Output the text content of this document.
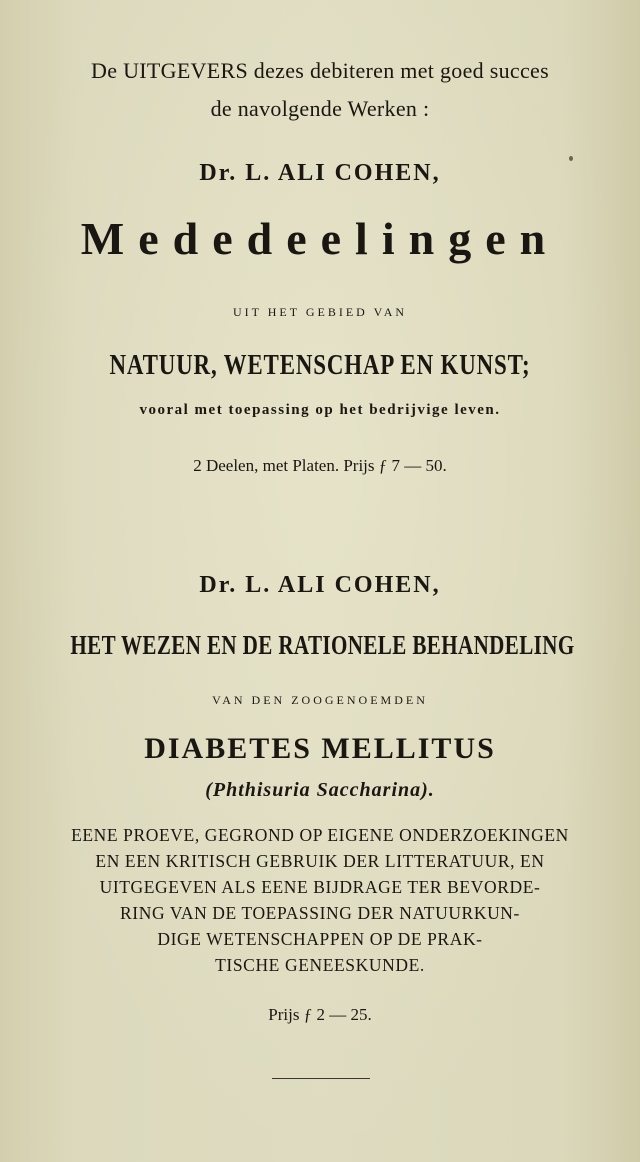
De UITGEVERS dezes debiteren met goed succes
de navolgende Werken :
Dr. L. ALI COHEN,
Mededeelingen
UIT HET GEBIED VAN
NATUUR, WETENSCHAP EN KUNST;
vooral met toepassing op het bedrijvige leven.
2 Deelen, met Platen. Prijs ƒ 7 — 50.
Dr. L. ALI COHEN,
HET WEZEN EN DE RATIONELE BEHANDELING
VAN DEN ZOOGENOEMDEN
DIABETES MELLITUS
(Phthisuria Saccharina).
EENE PROEVE, GEGROND OP EIGENE ONDERZOEKINGEN
EN EEN KRITISCH GEBRUIK DER LITTERATUUR, EN
UITGEGEVEN ALS EENE BIJDRAGE TER BEVORDE-
RING VAN DE TOEPASSING DER NATUURKUN-
DIGE WETENSCHAPPEN OP DE PRAK-
TISCHE GENEESKUNDE.
Prijs ƒ 2 — 25.
